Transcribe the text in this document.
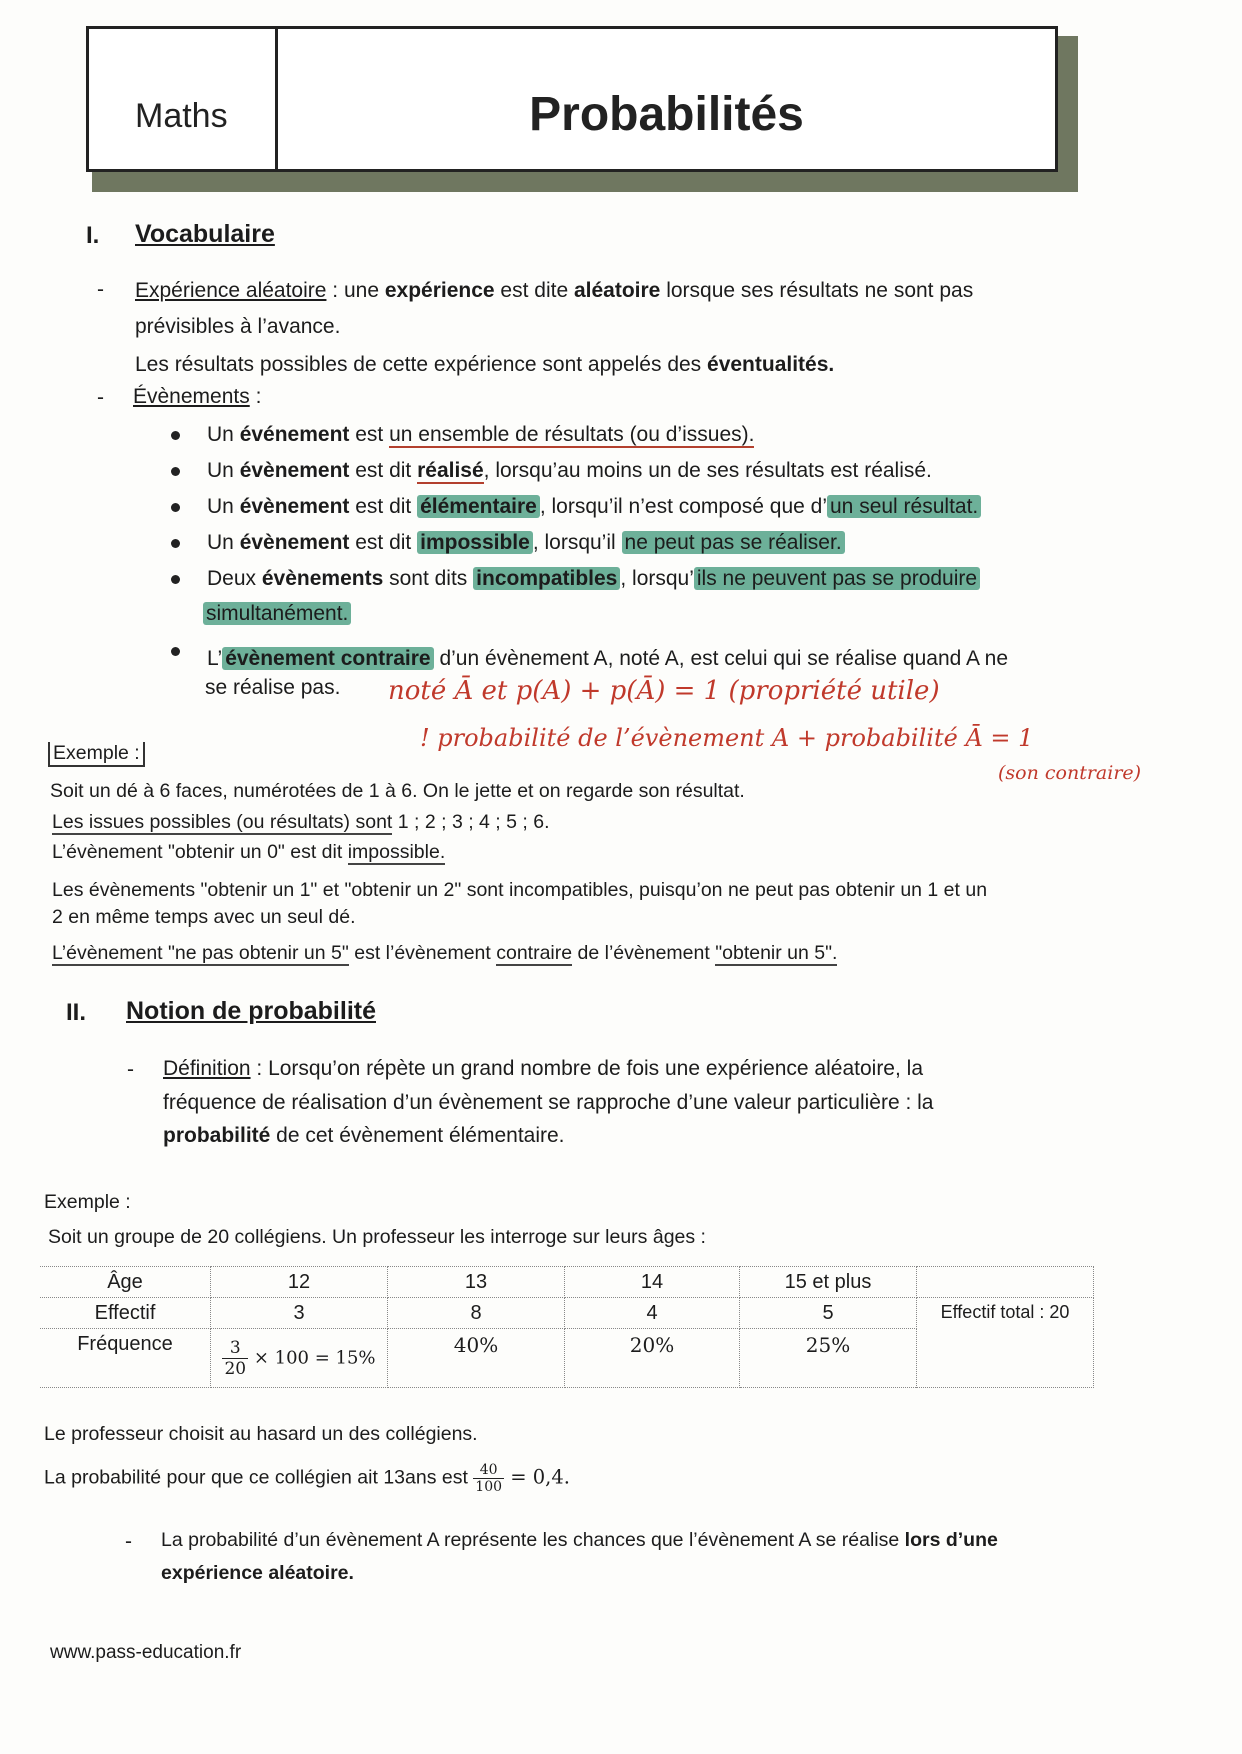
Maths	Probabilités
I. Vocabulaire
- Expérience aléatoire : une expérience est dite aléatoire lorsque ses résultats ne sont pas
prévisibles à l’avance.
Les résultats possibles de cette expérience sont appelés des éventualités.
- Évènements :
Un événement est un ensemble de résultats (ou d’issues).
Un évènement est dit réalisé, lorsqu’au moins un de ses résultats est réalisé.
Un évènement est dit élémentaire , lorsqu’il n’est composé que d’ un seul résultat.
Un évènement est dit impossible , lorsqu’il ne peut pas se réaliser.
Deux évènements sont dits incompatibles , lorsqu’ ils ne peuvent pas se produire
simultanément.
L’ évènement contraire d’un évènement A, noté A, est celui qui se réalise quand A ne
se réalise pas. noté Ā et p(A) + p(Ā) = 1 (propriété utile)
! probabilité de l’évènement A + probabilité Ā = 1
(son contraire)
Exemple :
Soit un dé à 6 faces, numérotées de 1 à 6. On le jette et on regarde son résultat.
Les issues possibles (ou résultats) sont 1 ; 2 ; 3 ; 4 ; 5 ; 6.
L’évènement "obtenir un 0" est dit impossible.
Les évènements "obtenir un 1" et "obtenir un 2" sont incompatibles, puisqu’on ne peut pas obtenir un 1 et un
2 en même temps avec un seul dé.
L’évènement "ne pas obtenir un 5" est l’évènement contraire de l’évènement "obtenir un 5".
II. Notion de probabilité
- Définition : Lorsqu’on répète un grand nombre de fois une expérience aléatoire, la
fréquence de réalisation d’un évènement se rapproche d’une valeur particulière : la
probabilité de cet évènement élémentaire.
Exemple :
Soit un groupe de 20 collégiens. Un professeur les interroge sur leurs âges :
Âge	12	13	14	15 et plus	
Effectif	3	8	4	5	Effectif total : 20
Fréquence	$\frac{3}{20} \times 100 = 15\%$	40%	20%	25%	
Le professeur choisit au hasard un des collégiens.
La probabilité pour que ce collégien ait 13ans est $\frac{40}{100} = 0,4$.
- La probabilité d’un évènement A représente les chances que l’évènement A se réalise lors d’une
expérience aléatoire.
www.pass-education.fr
